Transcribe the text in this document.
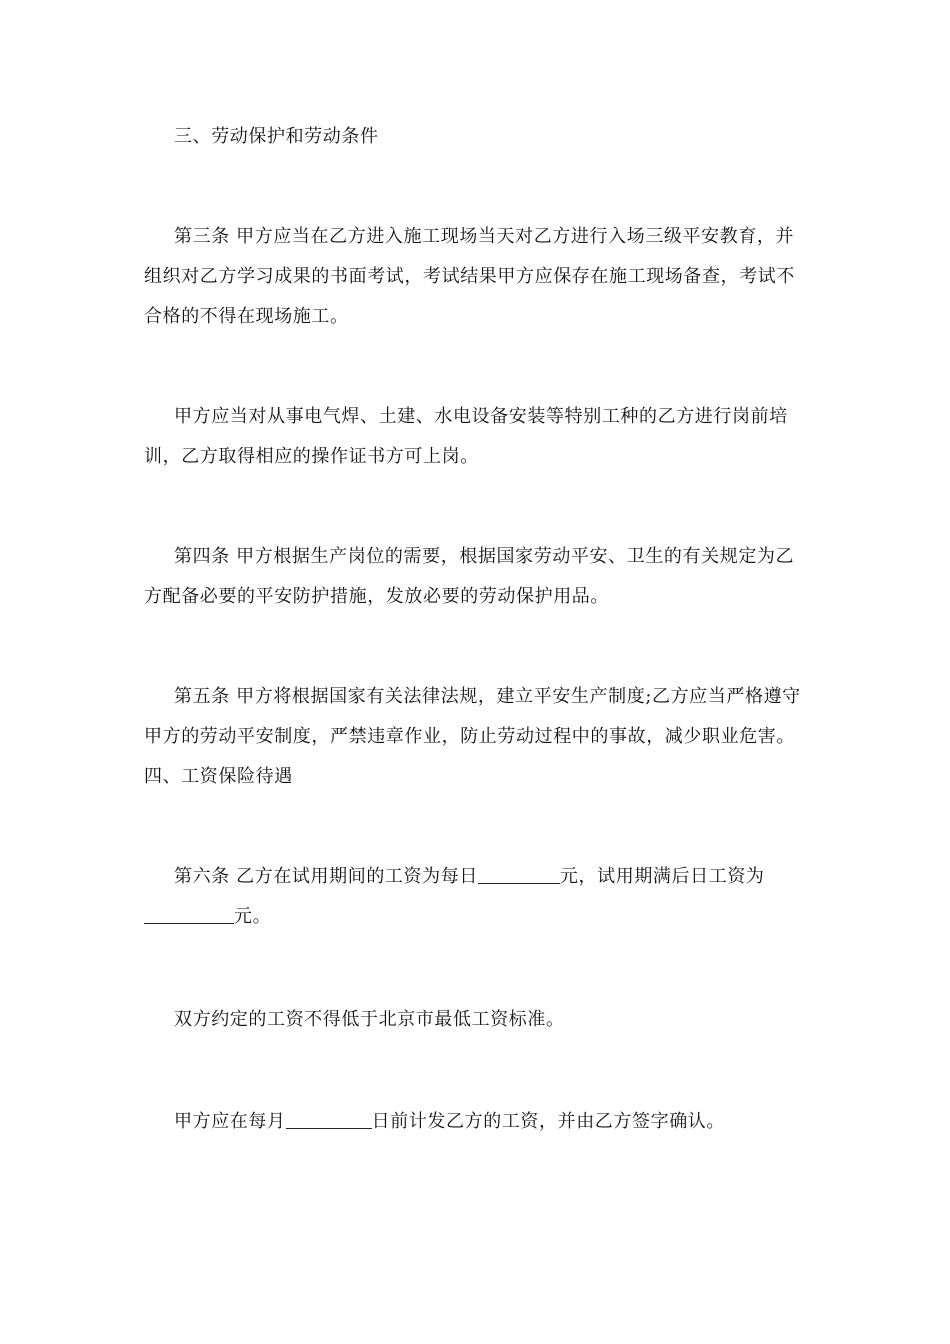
三、劳动保护和劳动条件

第三条 甲方应当在乙方进入施工现场当天对乙方进行入场三级平安教育，并组织对乙方学习成果的书面考试，考试结果甲方应保存在施工现场备查，考试不合格的不得在现场施工。

甲方应当对从事电气焊、土建、水电设备安装等特别工种的乙方进行岗前培训，乙方取得相应的操作证书方可上岗。

第四条 甲方根据生产岗位的需要，根据国家劳动平安、卫生的有关规定为乙方配备必要的平安防护措施，发放必要的劳动保护用品。

第五条 甲方将根据国家有关法律法规，建立平安生产制度;乙方应当严格遵守甲方的劳动平安制度，严禁违章作业，防止劳动过程中的事故，减少职业危害。 四、工资保险待遇

第六条 乙方在试用期间的工资为每日	元，试用期满后日工资为元。

双方约定的工资不得低于北京市最低工资标准。

甲方应在每月	日前计发乙方的工资，并由乙方签字确认。
